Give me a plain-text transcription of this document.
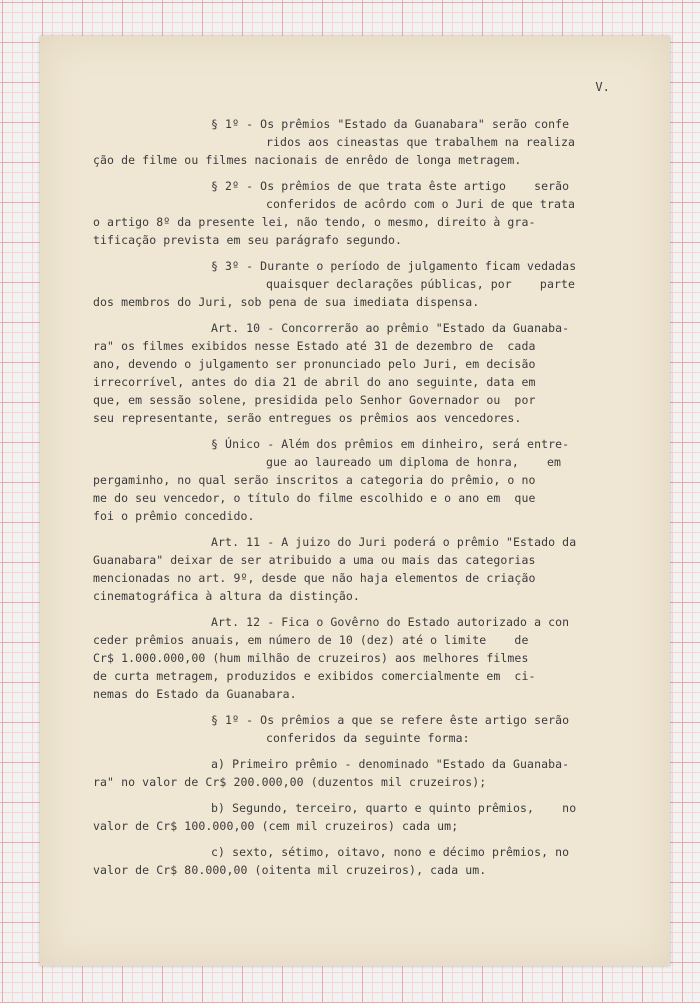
V.
§ 1º - Os prêmios "Estado da Guanabara" serão confe
ridos aos cineastas que trabalhem na realiza
ção de filme ou filmes nacionais de enrêdo de longa metragem.
§ 2º - Os prêmios de que trata êste artigo    serão
conferidos de acôrdo com o Juri de que trata
o artigo 8º da presente lei, não tendo, o mesmo, direito à gra-
tificação prevista em seu parágrafo segundo.
§ 3º - Durante o período de julgamento ficam vedadas
quaisquer declarações públicas, por    parte
dos membros do Juri, sob pena de sua imediata dispensa.
Art. 10 - Concorrerão ao prêmio "Estado da Guanaba-
ra" os filmes exibidos nesse Estado até 31 de dezembro de  cada
ano, devendo o julgamento ser pronunciado pelo Juri, em decisão
irrecorrível, antes do dia 21 de abril do ano seguinte, data em
que, em sessão solene, presidida pelo Senhor Governador ou  por
seu representante, serão entregues os prêmios aos vencedores.
§ Único - Além dos prêmios em dinheiro, será entre-
gue ao laureado um diploma de honra,    em
pergaminho, no qual serão inscritos a categoria do prêmio, o no
me do seu vencedor, o título do filme escolhido e o ano em  que
foi o prêmio concedido.
Art. 11 - A juizo do Juri poderá o prêmio "Estado da
Guanabara" deixar de ser atribuido a uma ou mais das categorias
mencionadas no art. 9º, desde que não haja elementos de criação
cinematográfica à altura da distinção.
Art. 12 - Fica o Govêrno do Estado autorizado a con
ceder prêmios anuais, em número de 10 (dez) até o limite    de
Cr$ 1.000.000,00 (hum milhão de cruzeiros) aos melhores filmes
de curta metragem, produzidos e exibidos comercialmente em  ci-
nemas do Estado da Guanabara.
§ 1º - Os prêmios a que se refere êste artigo serão
conferidos da seguinte forma:
a) Primeiro prêmio - denominado "Estado da Guanaba-
ra" no valor de Cr$ 200.000,00 (duzentos mil cruzeiros);
b) Segundo, terceiro, quarto e quinto prêmios,    no
valor de Cr$ 100.000,00 (cem mil cruzeiros) cada um;
c) sexto, sétimo, oitavo, nono e décimo prêmios, no
valor de Cr$ 80.000,00 (oitenta mil cruzeiros), cada um.
